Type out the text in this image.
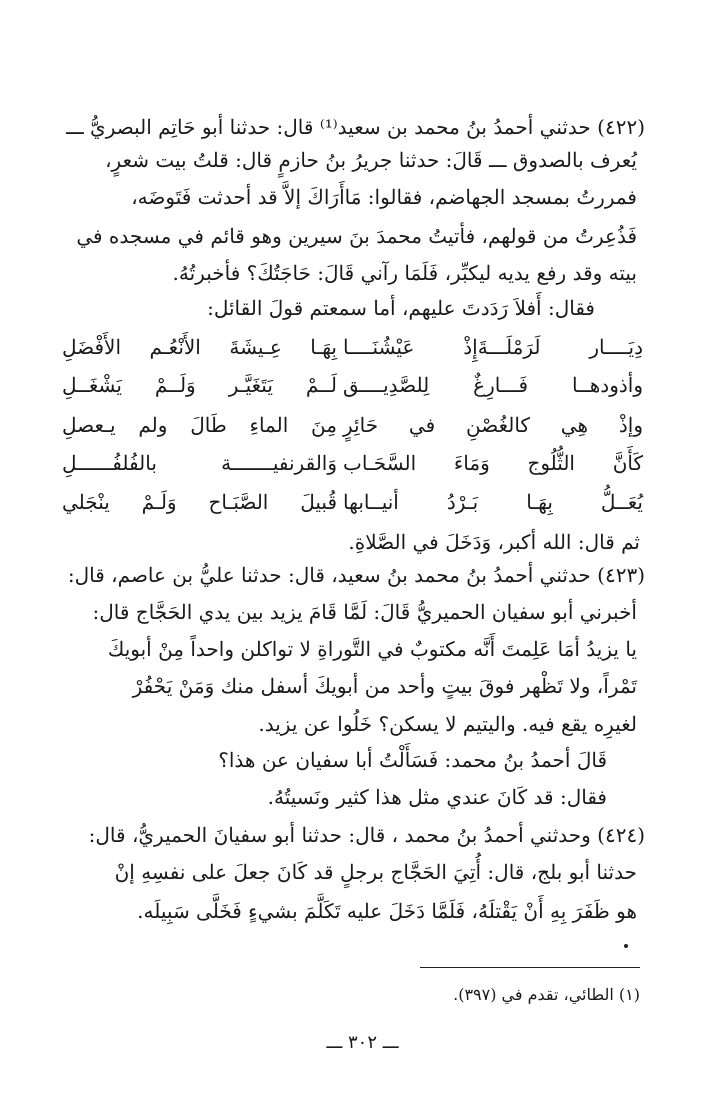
(٤٢٢) حدثني أحمدُ بنُ محمد بن سعيد⁽¹⁾ قال: حدثنا أبو حَاتِم البصريُّ ـــ
يُعرف بالصدوق ـــ قَالَ: حدثنا جريرُ بنُ حازمٍ قال: قلتُ بيت شعرٍ،
فمررتُ بمسجد الجهاضم، فقالوا: مَاأَرَاكَ إلاَّ قد أحدثت فَتَوضَه،
فَذُعِرتُ من قولهم، فأتيتُ محمدَ بنَ سيرين وهو قائم في مسجده في
بيته وقد رفع يديه ليكبِّر، فَلَمَا رآني قَالَ: حَاجَتُكَ؟ فأخبرتُهُ.
فقال: أَفلاَ رَدَدتَ عليهم، أما سمعتم قولَ القائل:
دِيَــــار لَرَمْلَـــةَإِذْ عَيْشُنَــــا
بِهَـا عِـيشَةَ الأَنْعُـم الأَفْضَلِ
وأذودهــا فَـــارِغٌ لِلصَّدِيــــق
لَــمْ يَتَغَيَّـر وَلَــمْ يَشْغَــلِ
وإذْ هِي كالغُصْنِ في حَائِرٍ
مِنَ الماءِ طَالَ ولم يـعصلِ
كَأَنَّ الثُّلُوج وَمَاءَ السَّحَـاب
وَالقرنفيـــــــة بالفُلفُــــــلِ
يُعَــلُّ بِهَـا بَـرْدُ أنيــابها
قُبيلَ الصَّبَـاح وَلَـمْ ينْجَلي
ثم قال: الله أكبر، وَدَخَلَ في الصَّلاةِ.
(٤٢٣) حدثني أحمدُ بنُ محمد بنُ سعيد، قال: حدثنا عليُّ بن عاصم، قال:
أخبرني أبو سفيان الحميريُّ قَالَ: لَمَّا قَامَ يزيد بين يدي الحَجَّاج قال:
يا يزيدُ أمَا عَلِمتَ أَنَّه مكتوبٌ في التَّوراةِ لا تواكلن واحداً مِنْ أبويكَ
تَمْراً، ولا تَظْهر فوقَ بيتٍ وأحد من أبويكَ أسفل منك وَمَنْ يَحْفُرْ
لغيرِه يقع فيه. واليتيم لا يسكن؟ خَلُوا عن يزيد.
قَالَ أحمدُ بنُ محمد: فَسَأَلْتُ أبا سفيان عن هذا؟
فقال: قد كَانَ عندي مثل هذا كثير ونَسيتُهُ.
(٤٢٤) وحدثني أحمدُ بنُ محمد ، قال: حدثنا أبو سفيانَ الحميريُّ، قال:
حدثنا أبو بلج، قال: أُتِيَ الحَجَّاج برجلٍ قد كَانَ جعلَ على نفسِهِ إنْ
هو ظَفَرَ بِهِ أَنْ يَقْتلَهُ، فَلَمَّا دَخَلَ عليه تَكَلَّمَ بشيءٍ فَخَلَّى سَبِيلَه.
(١) الطائي، تقدم في (٣٩٧).
ـــ ٣٠٢ ـــ
